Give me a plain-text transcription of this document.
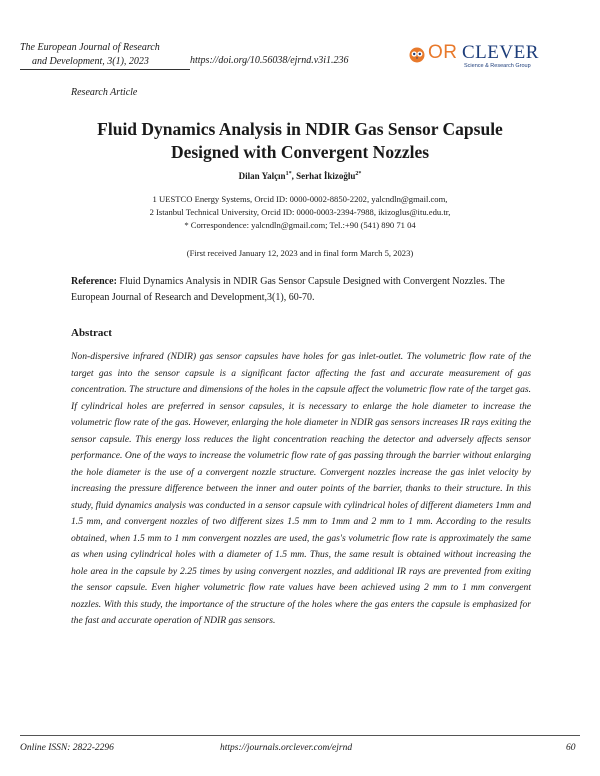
The European Journal of Research
and Development, 3(1), 2023	https://doi.org/10.56038/ejrnd.v3i1.236	OR CLEVER
Science & Research Group
Research Article
Fluid Dynamics Analysis in NDIR Gas Sensor Capsule
Designed with Convergent Nozzles
Dilan Yalçın$^{1*}$, Serhat İkizoğlu$^{2*}$
1 UESTCO Energy Systems, Orcid ID: 0000-0002-8850-2202, yalcndln@gmail.com,
2 Istanbul Technical University, Orcid ID: 0000-0003-2394-7988, ikizoglus@itu.edu.tr,
* Correspondence: yalcndln@gmail.com; Tel.:+90 (541) 890 71 04
(First received January 12, 2023 and in final form March 5, 2023)
Reference: Fluid Dynamics Analysis in NDIR Gas Sensor Capsule Designed with Convergent Nozzles. The European Journal of Research and Development,3(1), 60-70.
Abstract

Non-dispersive infrared (NDIR) gas sensor capsules have holes for gas inlet-outlet. The volumetric flow rate of the target gas into the sensor capsule is a significant factor affecting the fast and accurate measurement of gas concentration. The structure and dimensions of the holes in the capsule affect the volumetric flow rate of the target gas. If cylindrical holes are preferred in sensor capsules, it is necessary to enlarge the hole diameter to increase the volumetric flow rate of the gas. However, enlarging the hole diameter in NDIR gas sensors increases IR rays exiting the sensor capsule. This energy loss reduces the light concentration reaching the detector and adversely affects sensor performance. One of the ways to increase the volumetric flow rate of gas passing through the barrier without enlarging the hole diameter is the use of a convergent nozzle structure. Convergent nozzles increase the gas inlet velocity by increasing the pressure difference between the inner and outer points of the barrier, thanks to their structure. In this study, fluid dynamics analysis was conducted in a sensor capsule with cylindrical holes of different diameters 1mm and 1.5 mm, and convergent nozzles of two different sizes 1.5 mm to 1mm and 2 mm to 1 mm. According to the results obtained, when 1.5 mm to 1 mm convergent nozzles are used, the gas's volumetric flow rate is approximately the same as when using cylindrical holes with a diameter of 1.5 mm. Thus, the same result is obtained without increasing the hole area in the capsule by 2.25 times by using convergent nozzles, and additional IR rays are prevented from exiting the sensor capsule. Even higher volumetric flow rate values have been achieved using 2 mm to 1 mm convergent nozzles. With this study, the importance of the structure of the holes where the gas enters the capsule is emphasized for the fast and accurate operation of NDIR gas sensors.

Online ISSN: 2822-2296	https://journals.orclever.com/ejrnd	60
